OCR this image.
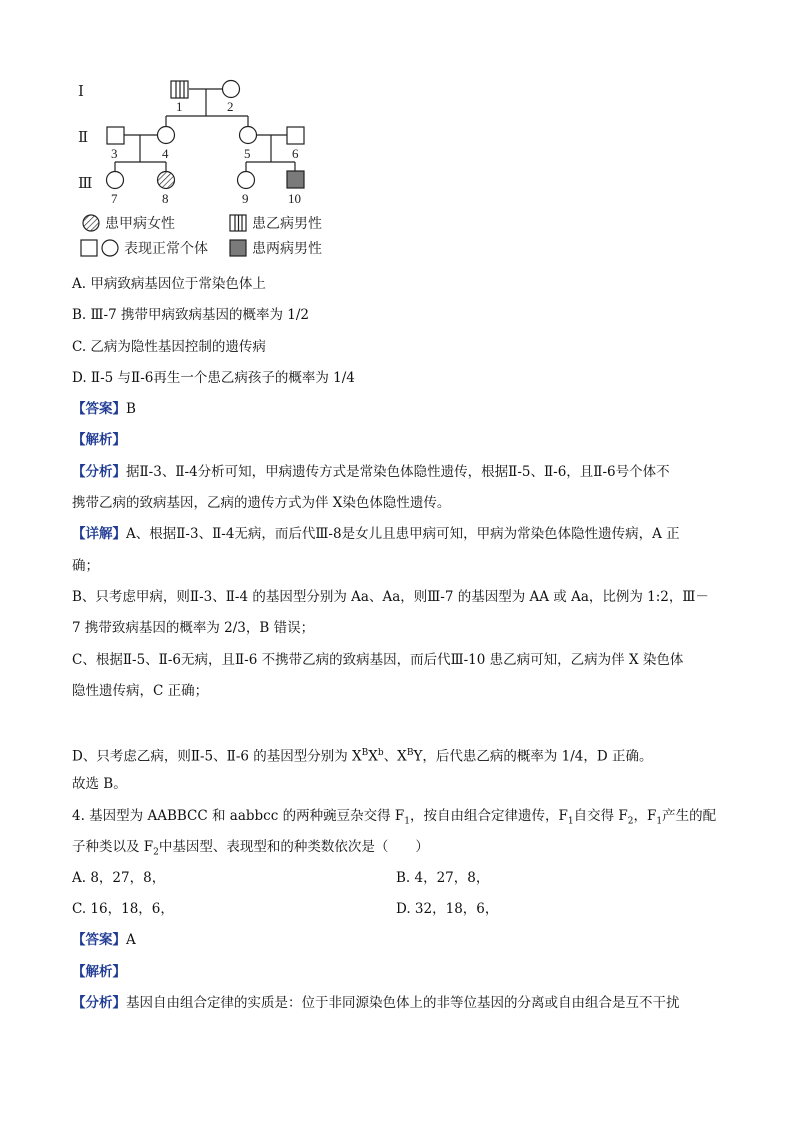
Ⅰ
Ⅱ
Ⅲ
1	2
3	4	5	6
7	8	9	10
患甲病女性	患乙病男性
表现正常个体	患两病男性
A. 甲病致病基因位于常染色体上
B. Ⅲ-7 携带甲病致病基因的概率为 1/2
C. 乙病为隐性基因控制的遗传病
D. Ⅱ-5 与Ⅱ-6再生一个患乙病孩子的概率为 1/4
【答案】B
【解析】
【分析】据Ⅱ-3、Ⅱ-4分析可知，甲病遗传方式是常染色体隐性遗传，根据Ⅱ-5、Ⅱ-6，且Ⅱ-6号个体不
携带乙病的致病基因，乙病的遗传方式为伴 X染色体隐性遗传。
【详解】A、根据Ⅱ-3、Ⅱ-4无病，而后代Ⅲ-8是女儿且患甲病可知，甲病为常染色体隐性遗传病，A 正
确；
B、只考虑甲病，则Ⅱ-3、Ⅱ-4 的基因型分别为 Aa、Aa，则Ⅲ-7 的基因型为 AA 或 Aa，比例为 1:2，Ⅲ－
7 携带致病基因的概率为 2/3，B 错误；
C、根据Ⅱ-5、Ⅱ-6无病，且Ⅱ-6 不携带乙病的致病基因，而后代Ⅲ-10 患乙病可知，乙病为伴 X 染色体
隐性遗传病，C 正确；
D、只考虑乙病，则Ⅱ-5、Ⅱ-6 的基因型分别为 $X^BX^b$、$X^BY$，后代患乙病的概率为 1/4，D 正确。
故选 B。
4. 基因型为 AABBCC 和 aabbcc 的两种豌豆杂交得 $F_1$，按自由组合定律遗传，$F_1$自交得 $F_2$，$F_1$产生的配
子种类以及 $F_2$中基因型、表现型和的种类数依次是（　　）
A. 8，27，8，	B. 4，27，8，
C. 16，18，6，	D. 32，18，6，
【答案】A
【解析】
【分析】基因自由组合定律的实质是：位于非同源染色体上的非等位基因的分离或自由组合是互不干扰
